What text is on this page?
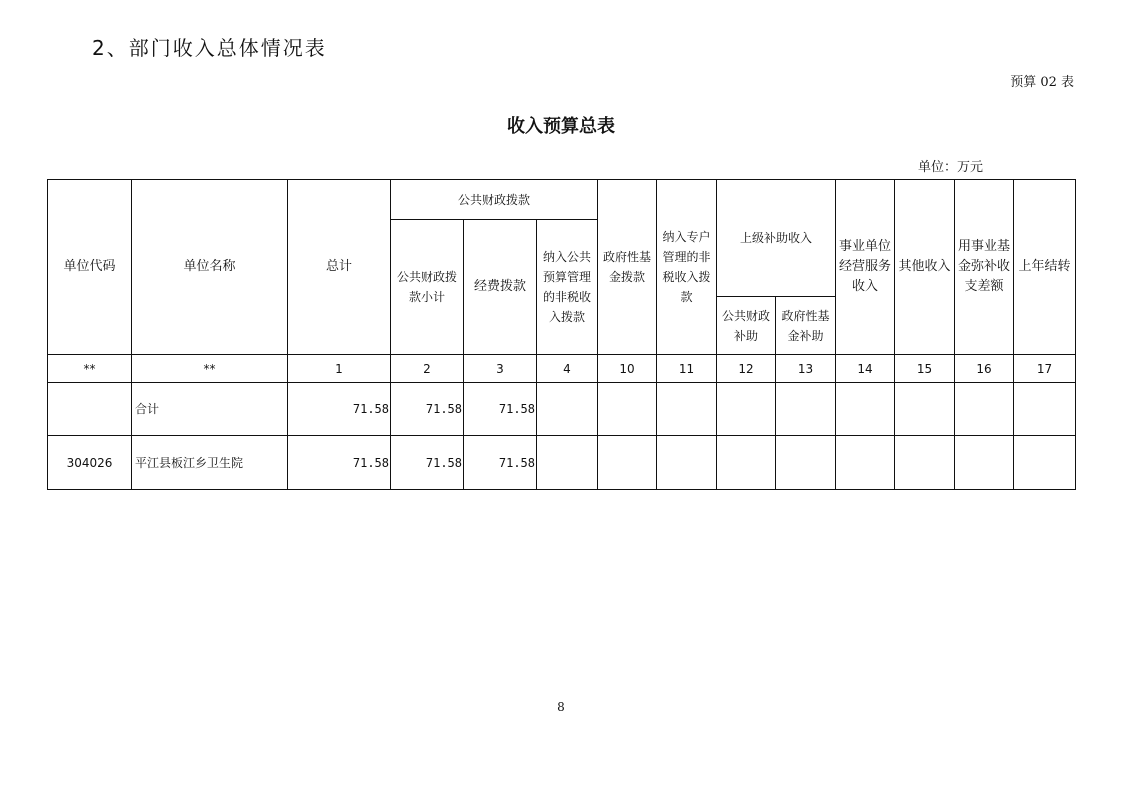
2、部门收入总体情况表
预算 02 表
收入预算总表
单位：万元
单位代码	单位名称	总计	公共财政拨款			政府性基金拨款	纳入专户管理的非税收入拨款	上级补助收入		事业单位经营服务收入	其他收入	用事业基金弥补收支差额	上年结转
			公共财政拨款小计	经费拨款	纳入公共预算管理的非税收入拨款								
								公共财政补助	政府性基金补助				
**	**	1	2	3	4	10	11	12	13	14	15	16	17
	合计	71.58	71.58	71.58									
304026	平江县板江乡卫生院	71.58	71.58	71.58									
8
